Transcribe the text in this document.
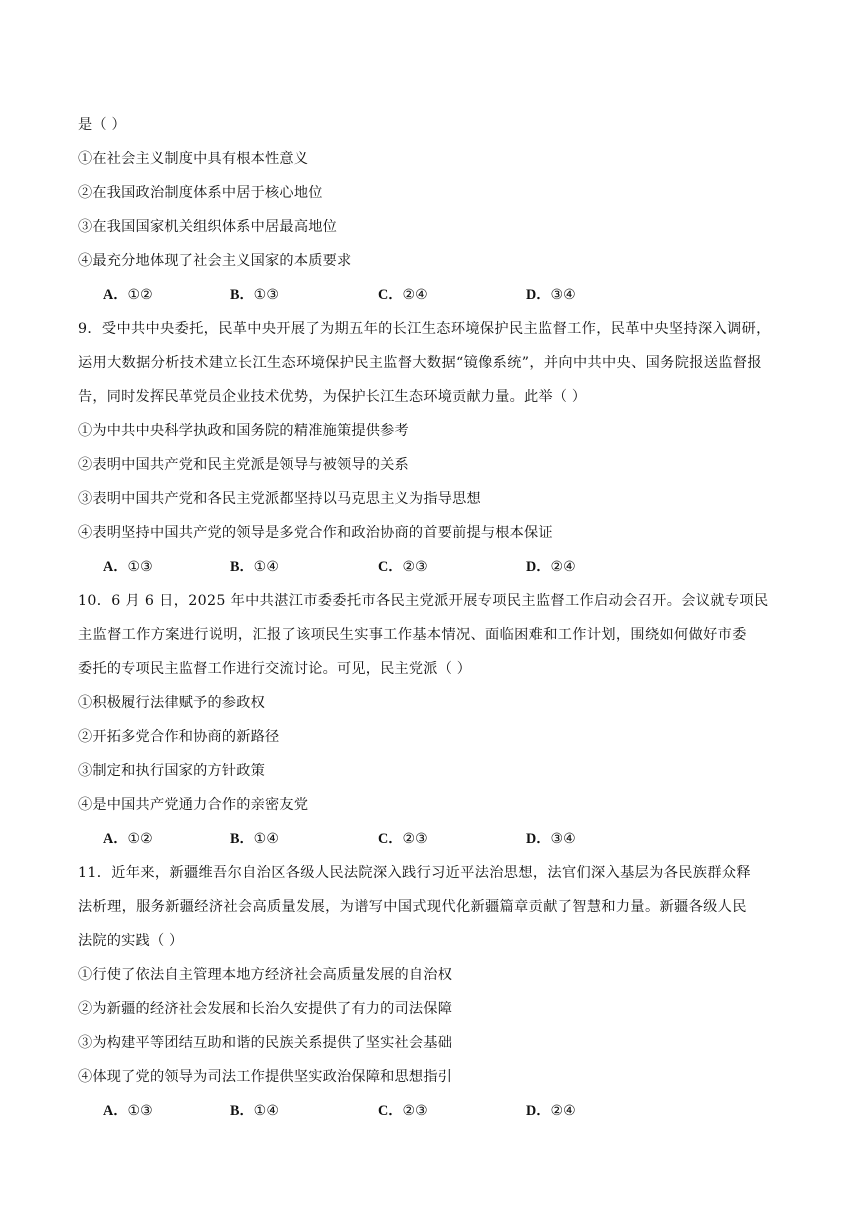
是（ ）
①在社会主义制度中具有根本性意义
②在我国政治制度体系中居于核心地位
③在我国国家机关组织体系中居最高地位
④最充分地体现了社会主义国家的本质要求
A．①②	B．①③	C．②④	D．③④
9．受中共中央委托，民革中央开展了为期五年的长江生态环境保护民主监督工作，民革中央坚持深入调研，
运用大数据分析技术建立长江生态环境保护民主监督大数据“镜像系统”，并向中共中央、国务院报送监督报
告，同时发挥民革党员企业技术优势，为保护长江生态环境贡献力量。此举（ ）
①为中共中央科学执政和国务院的精准施策提供参考
②表明中国共产党和民主党派是领导与被领导的关系
③表明中国共产党和各民主党派都坚持以马克思主义为指导思想
④表明坚持中国共产党的领导是多党合作和政治协商的首要前提与根本保证
A．①③	B．①④	C．②③	D．②④
10．6 月 6 日，2025 年中共湛江市委委托市各民主党派开展专项民主监督工作启动会召开。会议就专项民
主监督工作方案进行说明，汇报了该项民生实事工作基本情况、面临困难和工作计划，围绕如何做好市委
委托的专项民主监督工作进行交流讨论。可见，民主党派（ ）
①积极履行法律赋予的参政权
②开拓多党合作和协商的新路径
③制定和执行国家的方针政策
④是中国共产党通力合作的亲密友党
A．①②	B．①④	C．②③	D．③④
11．近年来，新疆维吾尔自治区各级人民法院深入践行习近平法治思想，法官们深入基层为各民族群众释
法析理，服务新疆经济社会高质量发展，为谱写中国式现代化新疆篇章贡献了智慧和力量。新疆各级人民
法院的实践（ ）
①行使了依法自主管理本地方经济社会高质量发展的自治权
②为新疆的经济社会发展和长治久安提供了有力的司法保障
③为构建平等团结互助和谐的民族关系提供了坚实社会基础
④体现了党的领导为司法工作提供坚实政治保障和思想指引
A．①③	B．①④	C．②③	D．②④
